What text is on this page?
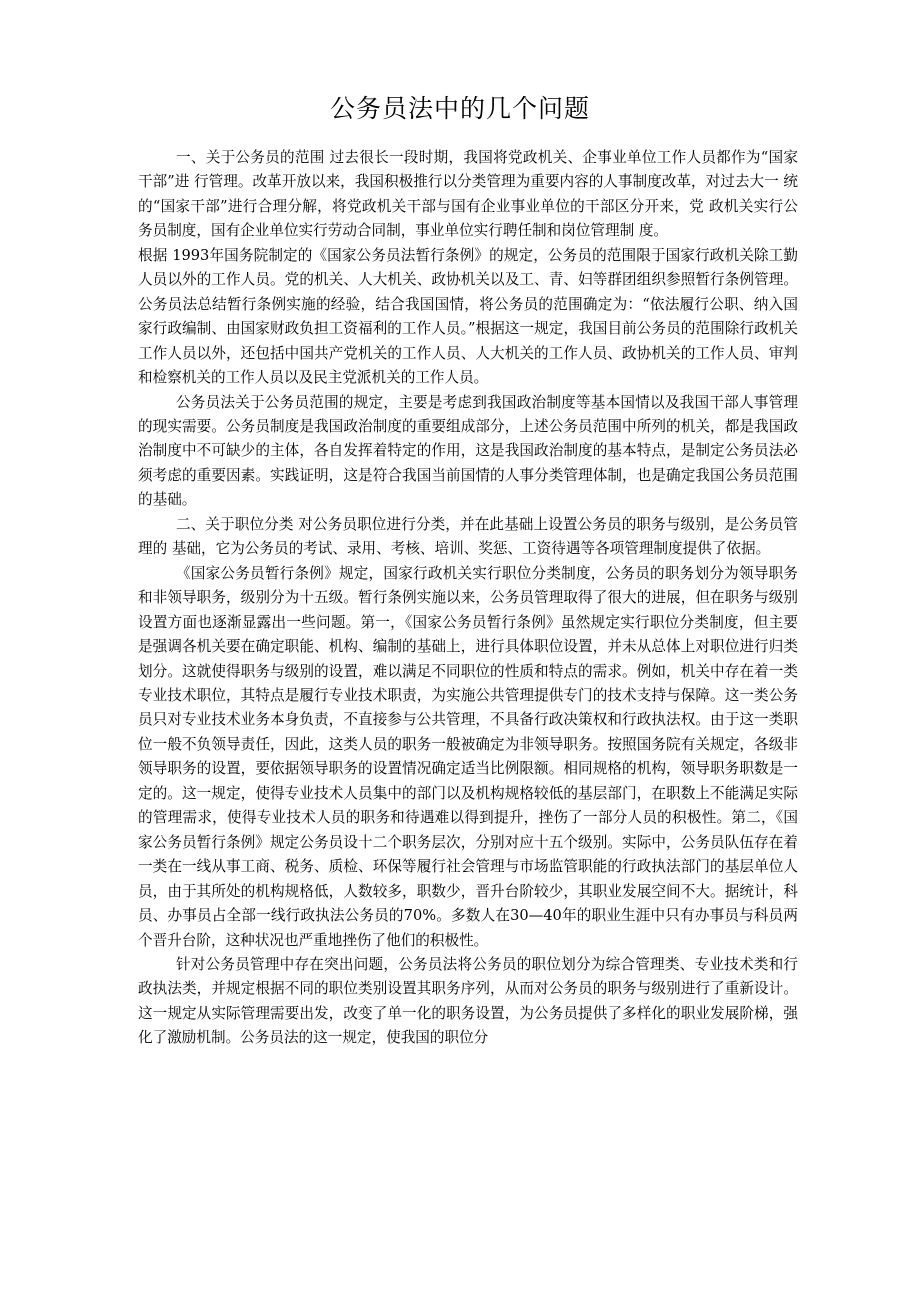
公务员法中的几个问题

一、关于公务员的范围 过去很长一段时期，我国将党政机关、企事业单位工作人员都作为“国家干部”进 行管理。改革开放以来，我国积极推行以分类管理为重要内容的人事制度改革，对过去大一 统的“国家干部”进行合理分解，将党政机关干部与国有企业事业单位的干部区分开来，党 政机关实行公务员制度，国有企业单位实行劳动合同制，事业单位实行聘任制和岗位管理制 度。

根据 1993年国务院制定的《国家公务员法暂行条例》的规定，公务员的范围限于国家行政机关除工勤人员以外的工作人员。党的机关、人大机关、政协机关以及工、青、妇等群团组织参照暂行条例管理。公务员法总结暂行条例实施的经验，结合我国国情，将公务员的范围确定为：“依法履行公职、纳入国家行政编制、由国家财政负担工资福利的工作人员。”根据这一规定，我国目前公务员的范围除行政机关工作人员以外，还包括中国共产党机关的工作人员、人大机关的工作人员、政协机关的工作人员、审判和检察机关的工作人员以及民主党派机关的工作人员。

公务员法关于公务员范围的规定，主要是考虑到我国政治制度等基本国情以及我国干部人事管理的现实需要。公务员制度是我国政治制度的重要组成部分，上述公务员范围中所列的机关，都是我国政治制度中不可缺少的主体，各自发挥着特定的作用，这是我国政治制度的基本特点，是制定公务员法必须考虑的重要因素。实践证明，这是符合我国当前国情的人事分类管理体制，也是确定我国公务员范围的基础。

二、关于职位分类 对公务员职位进行分类，并在此基础上设置公务员的职务与级别，是公务员管理的 基础，它为公务员的考试、录用、考核、培训、奖惩、工资待遇等各项管理制度提供了依据。

《国家公务员暂行条例》规定，国家行政机关实行职位分类制度，公务员的职务划分为领导职务和非领导职务，级别分为十五级。暂行条例实施以来，公务员管理取得了很大的进展，但在职务与级别设置方面也逐渐显露出一些问题。第一，《国家公务员暂行条例》虽然规定实行职位分类制度，但主要是强调各机关要在确定职能、机构、编制的基础上，进行具体职位设置，并未从总体上对职位进行归类划分。这就使得职务与级别的设置，难以满足不同职位的性质和特点的需求。例如，机关中存在着一类专业技术职位，其特点是履行专业技术职责，为实施公共管理提供专门的技术支持与保障。这一类公务员只对专业技术业务本身负责，不直接参与公共管理，不具备行政决策权和行政执法权。由于这一类职位一般不负领导责任，因此，这类人员的职务一般被确定为非领导职务。按照国务院有关规定，各级非领导职务的设置，要依据领导职务的设置情况确定适当比例限额。相同规格的机构，领导职务职数是一定的。这一规定，使得专业技术人员集中的部门以及机构规格较低的基层部门，在职数上不能满足实际的管理需求，使得专业技术人员的职务和待遇难以得到提升，挫伤了一部分人员的积极性。第二，《国家公务员暂行条例》规定公务员设十二个职务层次，分别对应十五个级别。实际中，公务员队伍存在着一类在一线从事工商、税务、质检、环保等履行社会管理与市场监管职能的行政执法部门的基层单位人员，由于其所处的机构规格低，人数较多，职数少，晋升台阶较少，其职业发展空间不大。据统计，科员、办事员占全部一线行政执法公务员的70%。多数人在30—40年的职业生涯中只有办事员与科员两个晋升台阶，这种状况也严重地挫伤了他们的积极性。

针对公务员管理中存在突出问题，公务员法将公务员的职位划分为综合管理类、专业技术类和行政执法类，并规定根据不同的职位类别设置其职务序列，从而对公务员的职务与级别进行了重新设计。这一规定从实际管理需要出发，改变了单一化的职务设置，为公务员提供了多样化的职业发展阶梯，强化了激励机制。公务员法的这一规定，使我国的职位分
